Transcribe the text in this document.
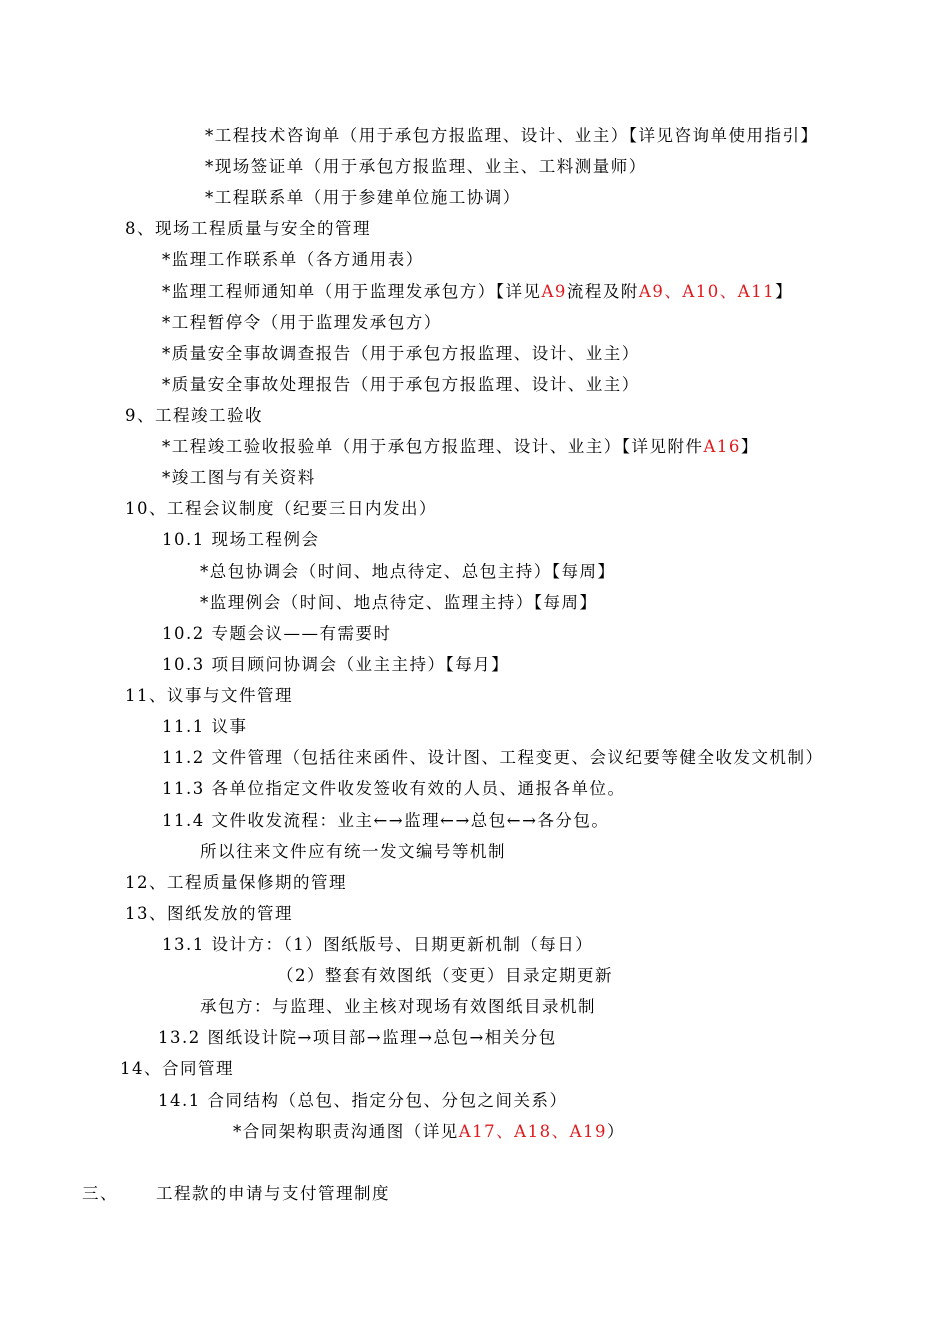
*工程技术咨询单（用于承包方报监理、设计、业主）【详见咨询单使用指引】
*现场签证单（用于承包方报监理、业主、工料测量师）
*工程联系单（用于参建单位施工协调）
8、现场工程质量与安全的管理
*监理工作联系单（各方通用表）
*监理工程师通知单（用于监理发承包方）【详见A9流程及附A9、A10、A11】
*工程暂停令（用于监理发承包方）
*质量安全事故调查报告（用于承包方报监理、设计、业主）
*质量安全事故处理报告（用于承包方报监理、设计、业主）
9、工程竣工验收
*工程竣工验收报验单（用于承包方报监理、设计、业主）【详见附件A16】
*竣工图与有关资料
10、工程会议制度（纪要三日内发出）
10.1 现场工程例会
*总包协调会（时间、地点待定、总包主持）【每周】
*监理例会（时间、地点待定、监理主持）【每周】
10.2 专题会议——有需要时
10.3 项目顾问协调会（业主主持）【每月】
11、议事与文件管理
11.1 议事
11.2 文件管理（包括往来函件、设计图、工程变更、会议纪要等健全收发文机制）
11.3 各单位指定文件收发签收有效的人员、通报各单位。
11.4 文件收发流程：业主←→监理←→总包←→各分包。
所以往来文件应有统一发文编号等机制
12、工程质量保修期的管理
13、图纸发放的管理
13.1 设计方：（1）图纸版号、日期更新机制（每日）
（2）整套有效图纸（变更）目录定期更新
承包方：与监理、业主核对现场有效图纸目录机制
13.2 图纸设计院→项目部→监理→总包→相关分包
14、合同管理
14.1 合同结构（总包、指定分包、分包之间关系）
*合同架构职责沟通图（详见A17、A18、A19）
三、 工程款的申请与支付管理制度
